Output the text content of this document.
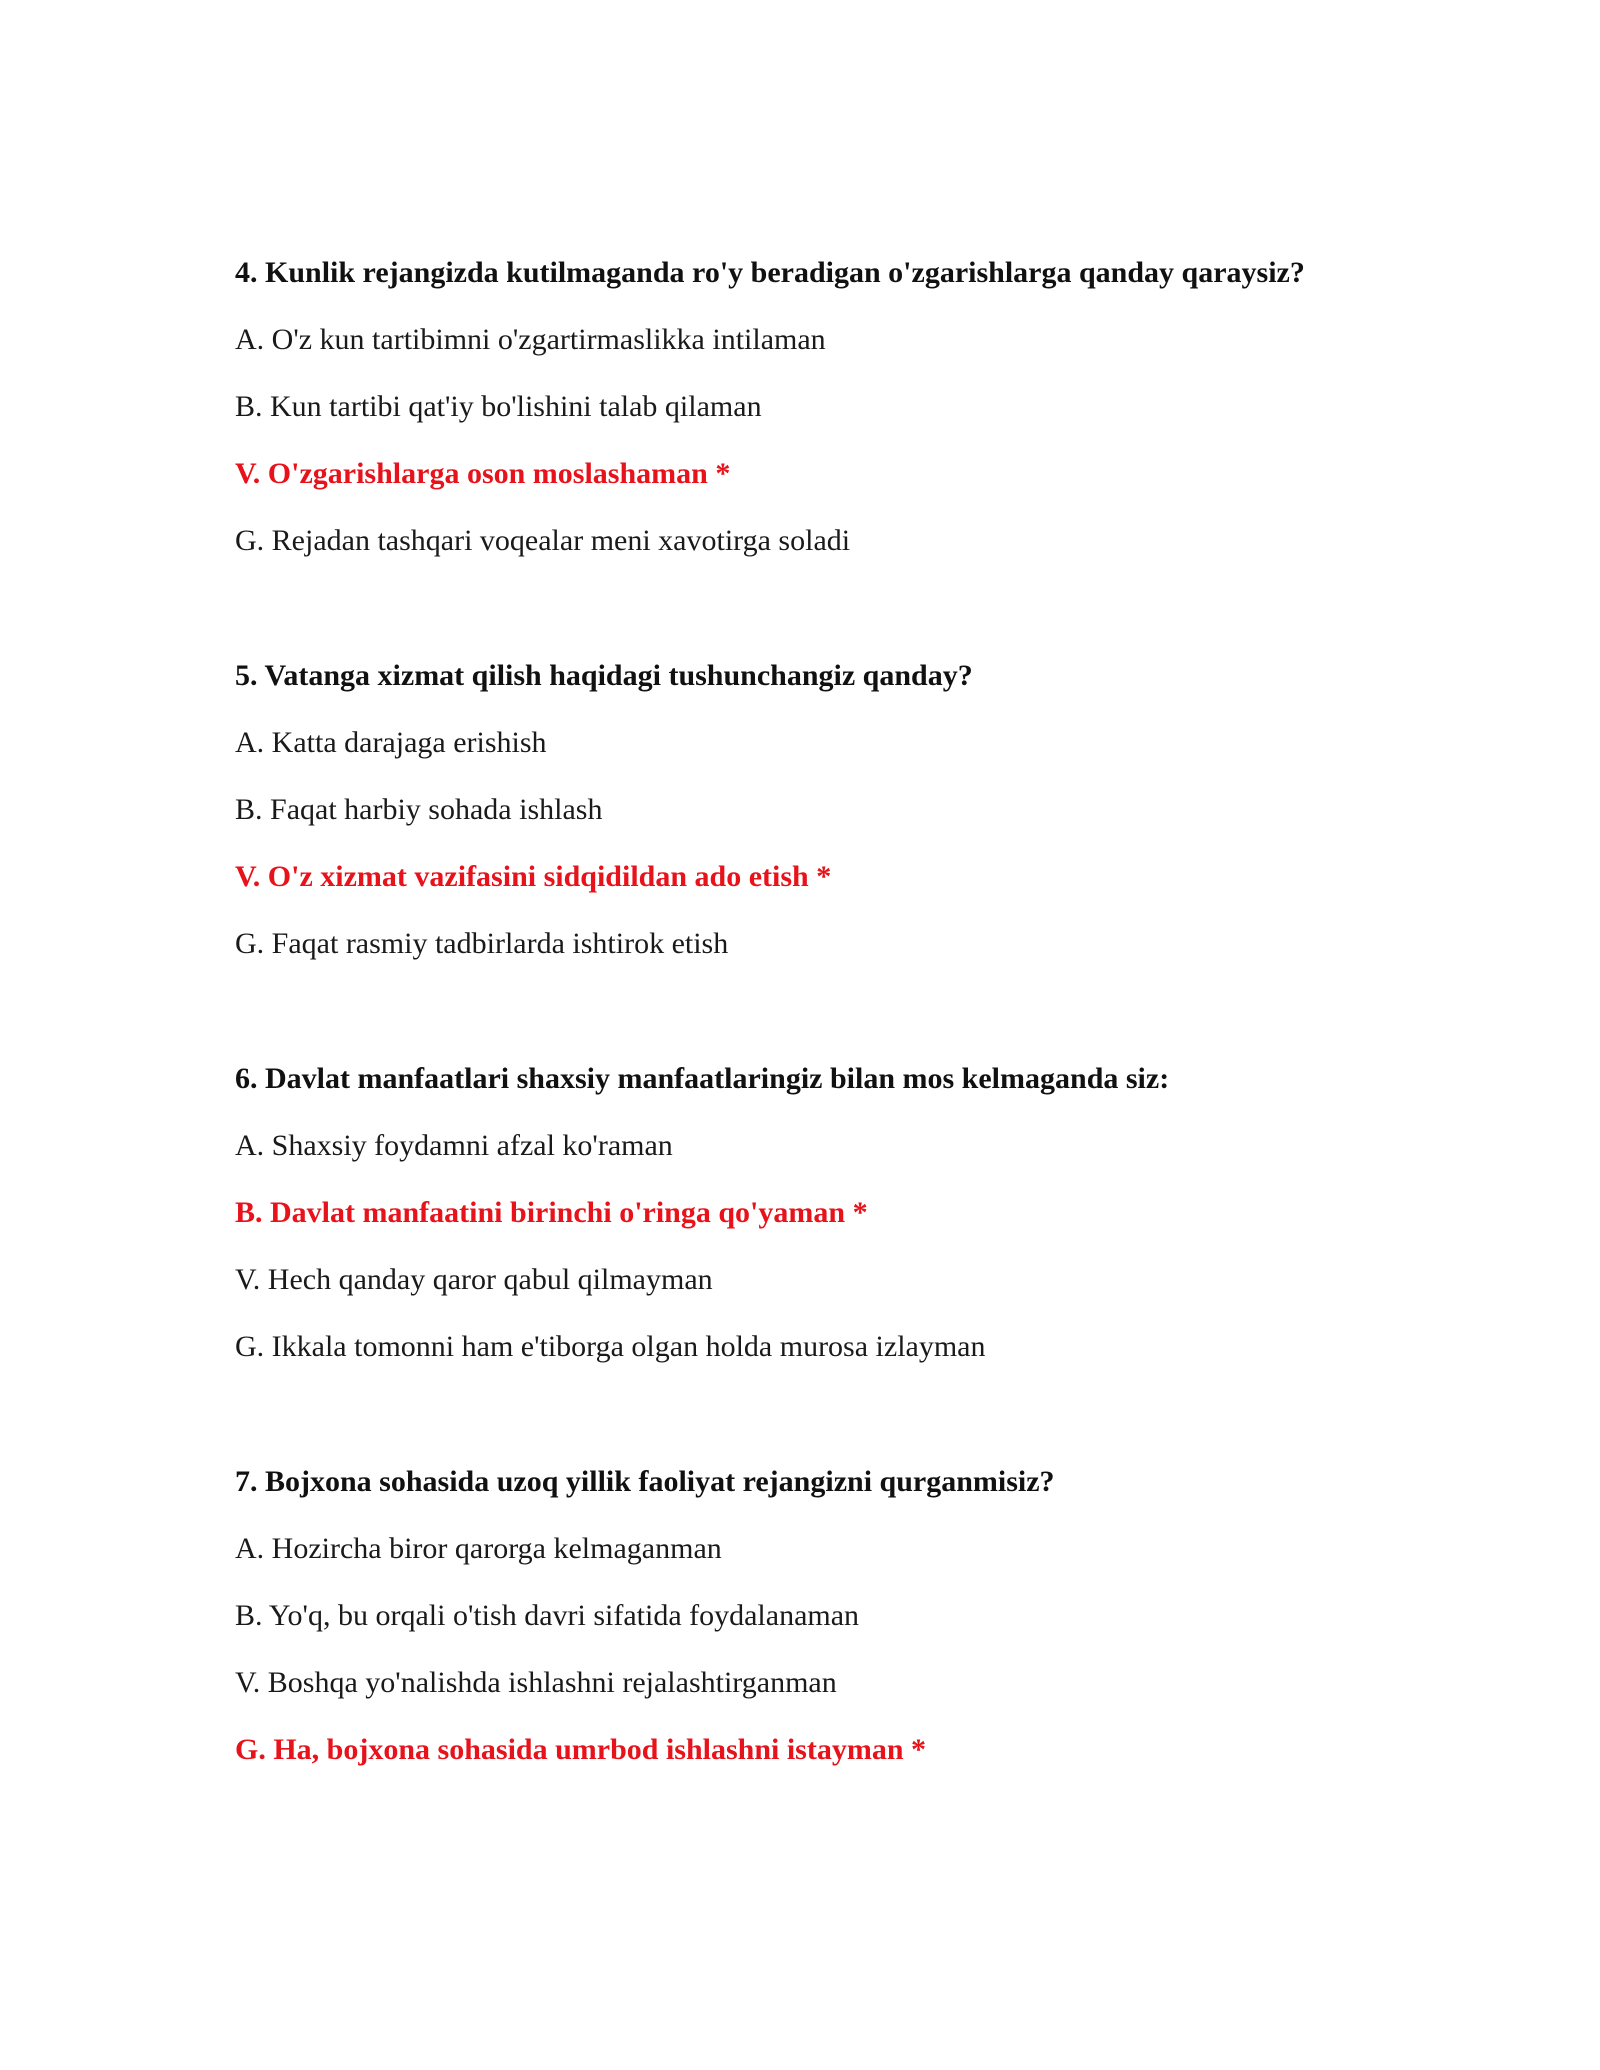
4. Kunlik rejangizda kutilmaganda ro'y beradigan o'zgarishlarga qanday qaraysiz?
A. O'z kun tartibimni o'zgartirmaslikka intilaman
B. Kun tartibi qat'iy bo'lishini talab qilaman
V. O'zgarishlarga oson moslashaman *
G. Rejadan tashqari voqealar meni xavotirga soladi
5. Vatanga xizmat qilish haqidagi tushunchangiz qanday?
A. Katta darajaga erishish
B. Faqat harbiy sohada ishlash
V. O'z xizmat vazifasini sidqidildan ado etish *
G. Faqat rasmiy tadbirlarda ishtirok etish
6. Davlat manfaatlari shaxsiy manfaatlaringiz bilan mos kelmaganda siz:
A. Shaxsiy foydamni afzal ko'raman
B. Davlat manfaatini birinchi o'ringa qo'yaman *
V. Hech qanday qaror qabul qilmayman
G. Ikkala tomonni ham e'tiborga olgan holda murosa izlayman
7. Bojxona sohasida uzoq yillik faoliyat rejangizni qurganmisiz?
A. Hozircha biror qarorga kelmaganman
B. Yo'q, bu orqali o'tish davri sifatida foydalanaman
V. Boshqa yo'nalishda ishlashni rejalashtirganman
G. Ha, bojxona sohasida umrbod ishlashni istayman *
